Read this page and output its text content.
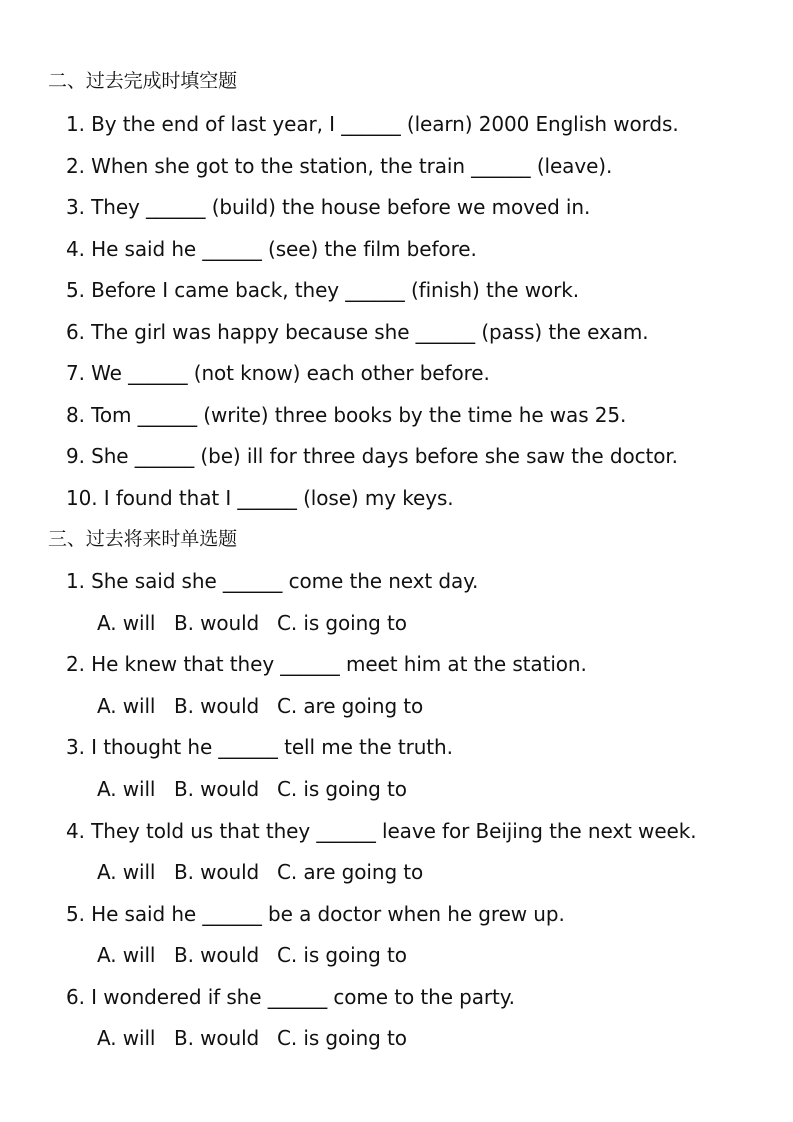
二、过去完成时填空题
1. By the end of last year, I ______ (learn) 2000 English words.
2. When she got to the station, the train ______ (leave).
3. They ______ (build) the house before we moved in.
4. He said he ______ (see) the film before.
5. Before I came back, they ______ (finish) the work.
6. The girl was happy because she ______ (pass) the exam.
7. We ______ (not know) each other before.
8. Tom ______ (write) three books by the time he was 25.
9. She ______ (be) ill for three days before she saw the doctor.
10. I found that I ______ (lose) my keys.
三、过去将来时单选题
1. She said she ______ come the next day.
A. will B. would C. is going to
2. He knew that they ______ meet him at the station.
A. will B. would C. are going to
3. I thought he ______ tell me the truth.
A. will B. would C. is going to
4. They told us that they ______ leave for Beijing the next week.
A. will B. would C. are going to
5. He said he ______ be a doctor when he grew up.
A. will B. would C. is going to
6. I wondered if she ______ come to the party.
A. will B. would C. is going to
